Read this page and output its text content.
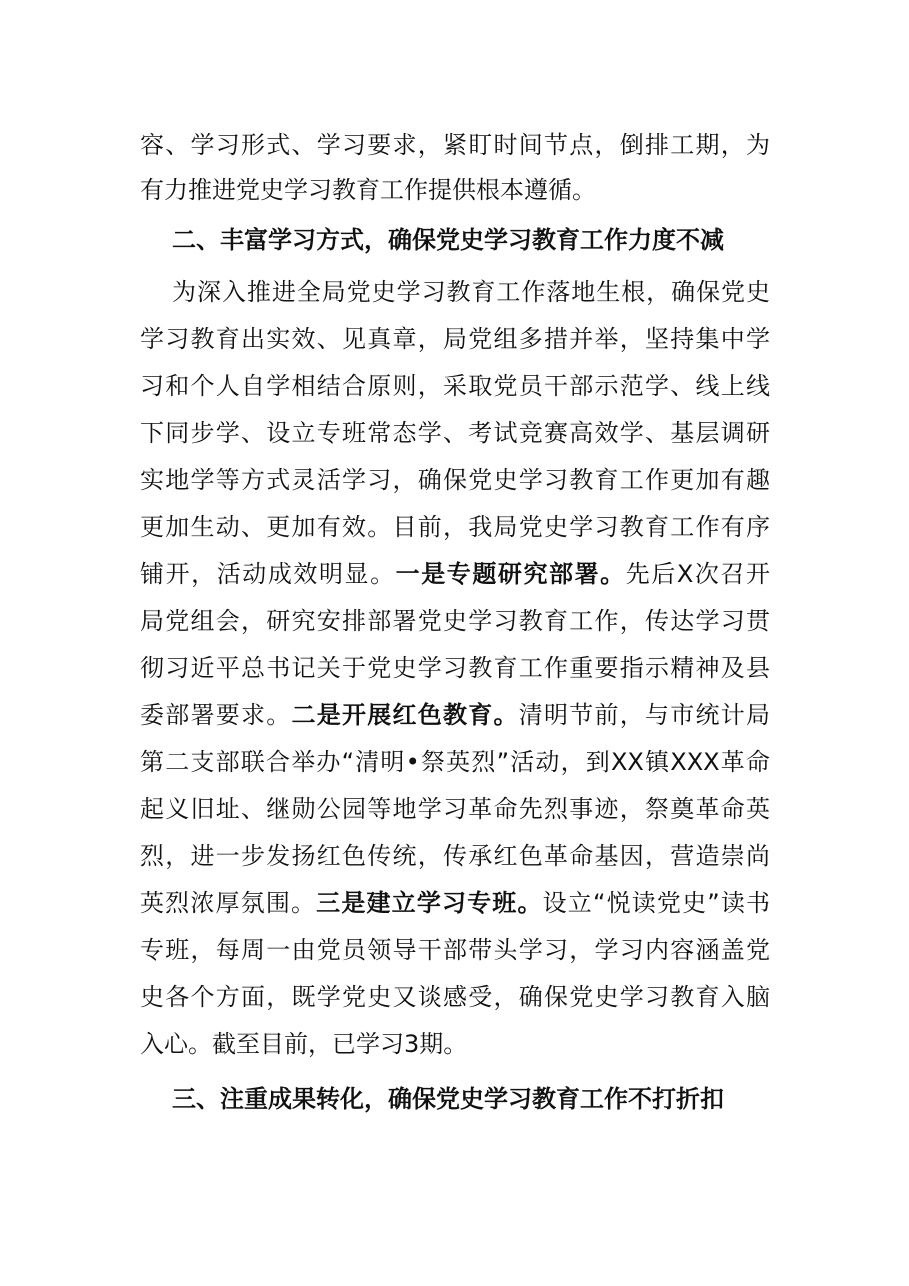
容、学习形式、学习要求，紧盯时间节点，倒排工期，为
有力推进党史学习教育工作提供根本遵循。
二、丰富学习方式，确保党史学习教育工作力度不减
为深入推进全局党史学习教育工作落地生根，确保党史
学习教育出实效、见真章，局党组多措并举，坚持集中学
习和个人自学相结合原则，采取党员干部示范学、线上线
下同步学、设立专班常态学、考试竞赛高效学、基层调研
实地学等方式灵活学习，确保党史学习教育工作更加有趣
更加生动、更加有效。目前，我局党史学习教育工作有序
铺开，活动成效明显。一是专题研究部署。先后X次召开
局党组会，研究安排部署党史学习教育工作，传达学习贯
彻习近平总书记关于党史学习教育工作重要指示精神及县
委部署要求。二是开展红色教育。清明节前，与市统计局
第二支部联合举办“清明•祭英烈”活动，到XX镇XXX革命
起义旧址、继勋公园等地学习革命先烈事迹，祭奠革命英
烈，进一步发扬红色传统，传承红色革命基因，营造崇尚
英烈浓厚氛围。三是建立学习专班。设立“悦读党史”读书
专班，每周一由党员领导干部带头学习，学习内容涵盖党
史各个方面，既学党史又谈感受，确保党史学习教育入脑
入心。截至目前，已学习3期。
三、注重成果转化，确保党史学习教育工作不打折扣
